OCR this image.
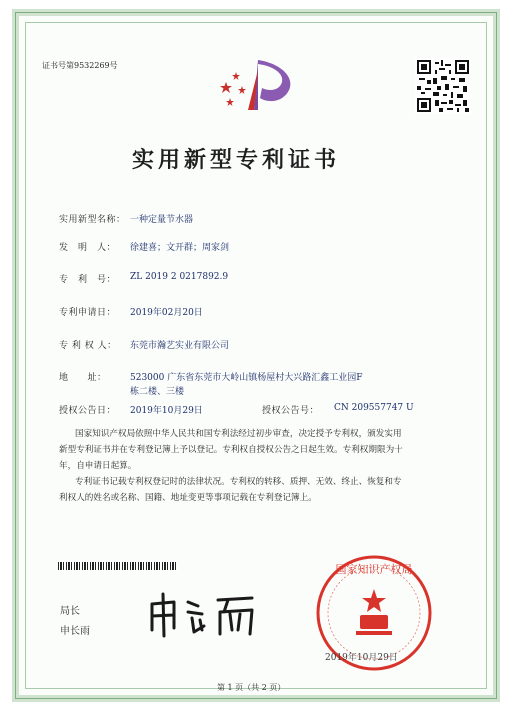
证书号第9532269号
实用新型专利证书
实用新型名称： 一种定量节水器
发　明　人： 徐建喜；文开群；周家剑
专　利　号： ZL 2019 2 0217892.9
专利申请日： 2019年02月20日
专 利 权 人： 东莞市瀚艺实业有限公司
地　　址：	523000 广东省东莞市大岭山镇杨屋村大兴路汇鑫工业园F
栋二楼、三楼
授权公告日： 2019年10月29日	授权公告号： CN 209557747 U
国家知识产权局依照中华人民共和国专利法经过初步审查，决定授予专利权，颁发实用
新型专利证书并在专利登记簿上予以登记。专利权自授权公告之日起生效。专利权期限为十
年，自申请日起算。
专利证书记载专利权登记时的法律状况。专利权的转移、质押、无效、终止、恢复和专
利权人的姓名或名称、国籍、地址变更等事项记载在专利登记簿上。
局长
申长雨
国家知识产权局
2019年10月29日
第 1 页（共 2 页）
